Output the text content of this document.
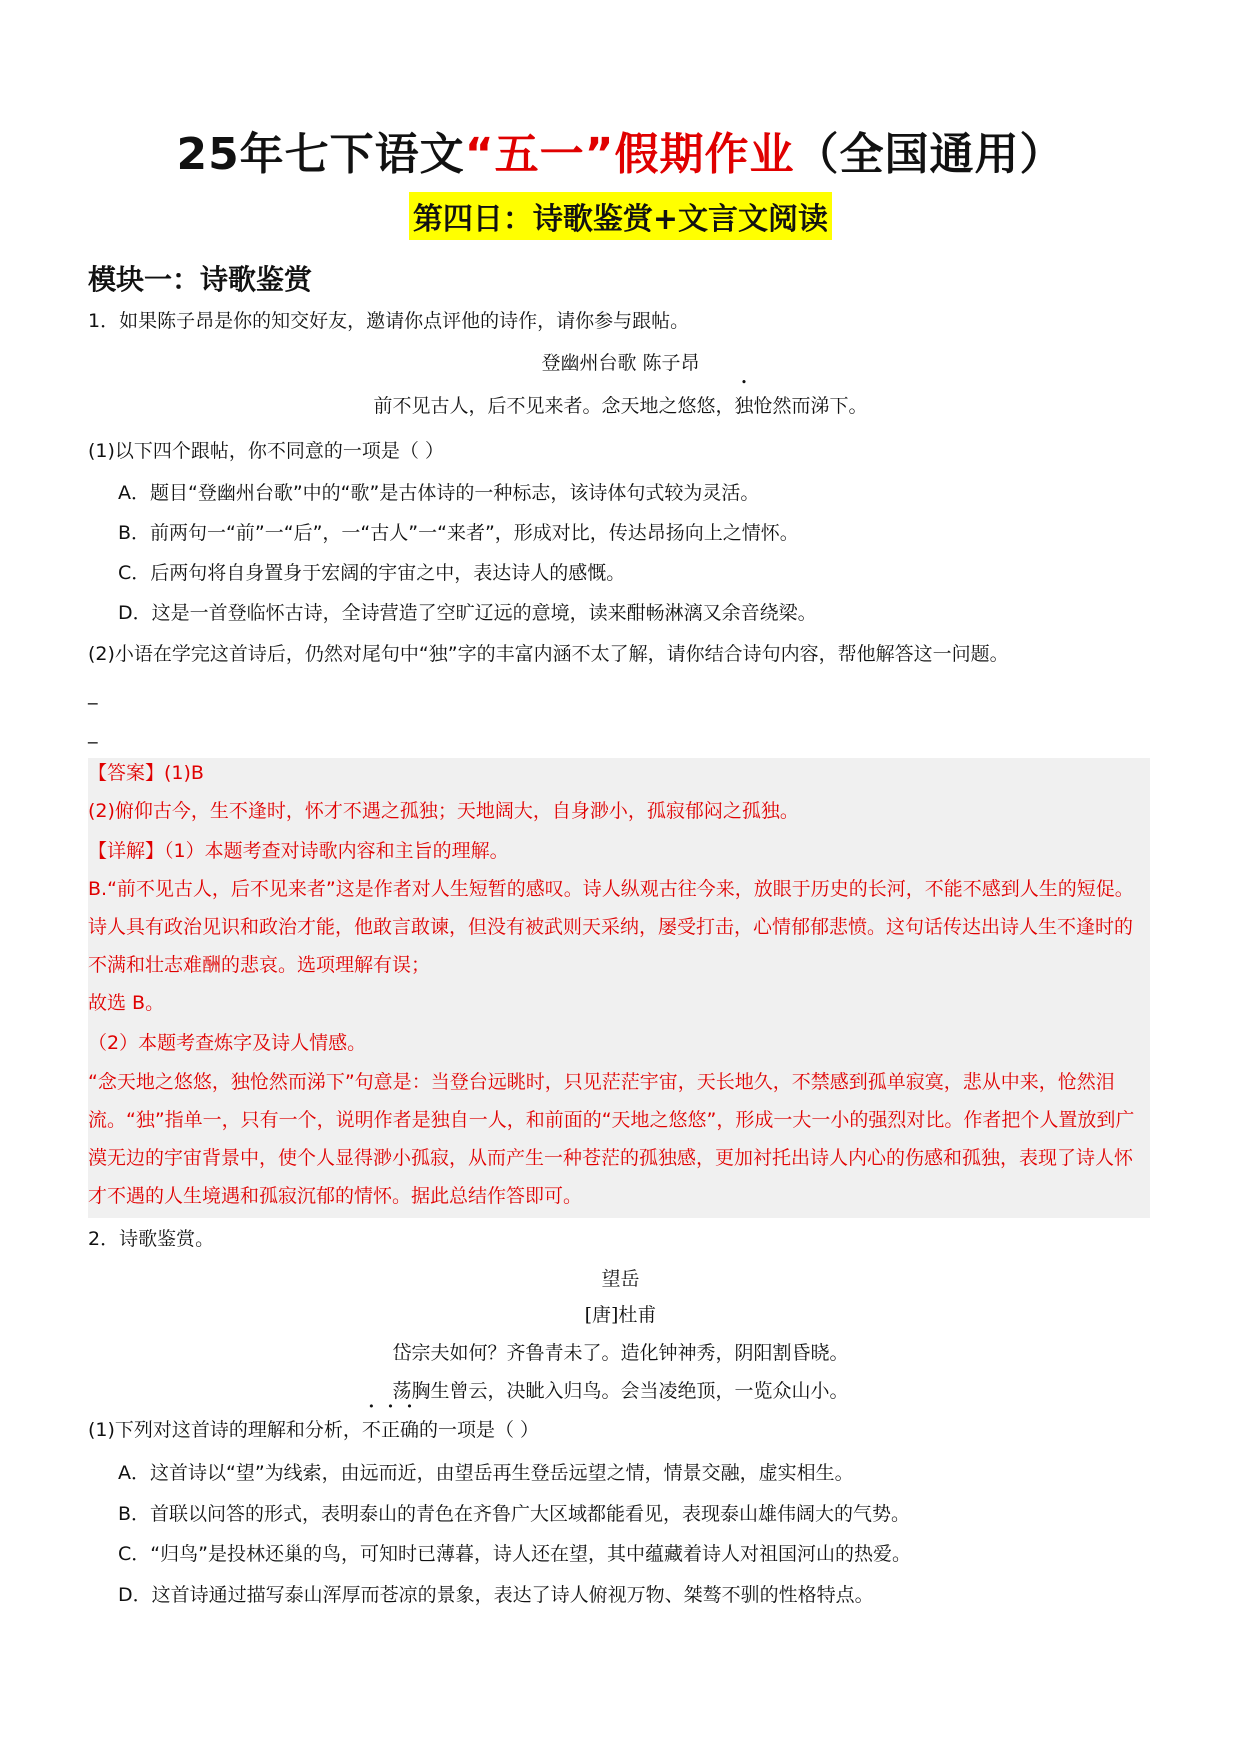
25年七下语文“五一”假期作业（全国通用）
第四日：诗歌鉴赏+文言文阅读
模块一：诗歌鉴赏
1．如果陈子昂是你的知交好友，邀请你点评他的诗作，请你参与跟帖。
登幽州台歌 陈子昂
前不见古人，后不见来者。念天地之悠悠，独怆然而涕下。
(1)以下四个跟帖，你不同意的一项是（ ）
A．题目“登幽州台歌”中的“歌”是古体诗的一种标志，该诗体句式较为灵活。
B．前两句一“前”一“后”，一“古人”一“来者”，形成对比，传达昂扬向上之情怀。
C．后两句将自身置身于宏阔的宇宙之中，表达诗人的感慨。
D．这是一首登临怀古诗，全诗营造了空旷辽远的意境，读来酣畅淋漓又余音绕梁。
(2)小语在学完这首诗后，仍然对尾句中“独”字的丰富内涵不太了解，请你结合诗句内容，帮他解答这一问题。
_
_
【答案】(1)B
(2)俯仰古今，生不逢时，怀才不遇之孤独；天地阔大，自身渺小，孤寂郁闷之孤独。
【详解】（1）本题考查对诗歌内容和主旨的理解。
B.“前不见古人，后不见来者”这是作者对人生短暂的感叹。诗人纵观古往今来，放眼于历史的长河，不能不感到人生的短促。诗人具有政治见识和政治才能，他敢言敢谏，但没有被武则天采纳，屡受打击，心情郁郁悲愤。这句话传达出诗人生不逢时的不满和壮志难酬的悲哀。选项理解有误；
故选 B。
（2）本题考查炼字及诗人情感。
“念天地之悠悠，独怆然而涕下”句意是：当登台远眺时，只见茫茫宇宙，天长地久，不禁感到孤单寂寞，悲从中来，怆然泪流。“独”指单一，只有一个，说明作者是独自一人，和前面的“天地之悠悠”，形成一大一小的强烈对比。作者把个人置放到广漠无边的宇宙背景中，使个人显得渺小孤寂，从而产生一种苍茫的孤独感，更加衬托出诗人内心的伤感和孤独，表现了诗人怀才不遇的人生境遇和孤寂沉郁的情怀。据此总结作答即可。
2．诗歌鉴赏。
望岳
[唐]杜甫
岱宗夫如何？齐鲁青未了。造化钟神秀，阴阳割昏晓。
荡胸生曾云，决眦入归鸟。会当凌绝顶，一览众山小。
(1)下列对这首诗的理解和分析，不正确的一项是（ ）
A．这首诗以“望”为线索，由远而近，由望岳再生登岳远望之情，情景交融，虚实相生。
B．首联以问答的形式，表明泰山的青色在齐鲁广大区域都能看见，表现泰山雄伟阔大的气势。
C．“归鸟”是投林还巢的鸟，可知时已薄暮，诗人还在望，其中蕴藏着诗人对祖国河山的热爱。
D．这首诗通过描写泰山浑厚而苍凉的景象，表达了诗人俯视万物、桀骜不驯的性格特点。
